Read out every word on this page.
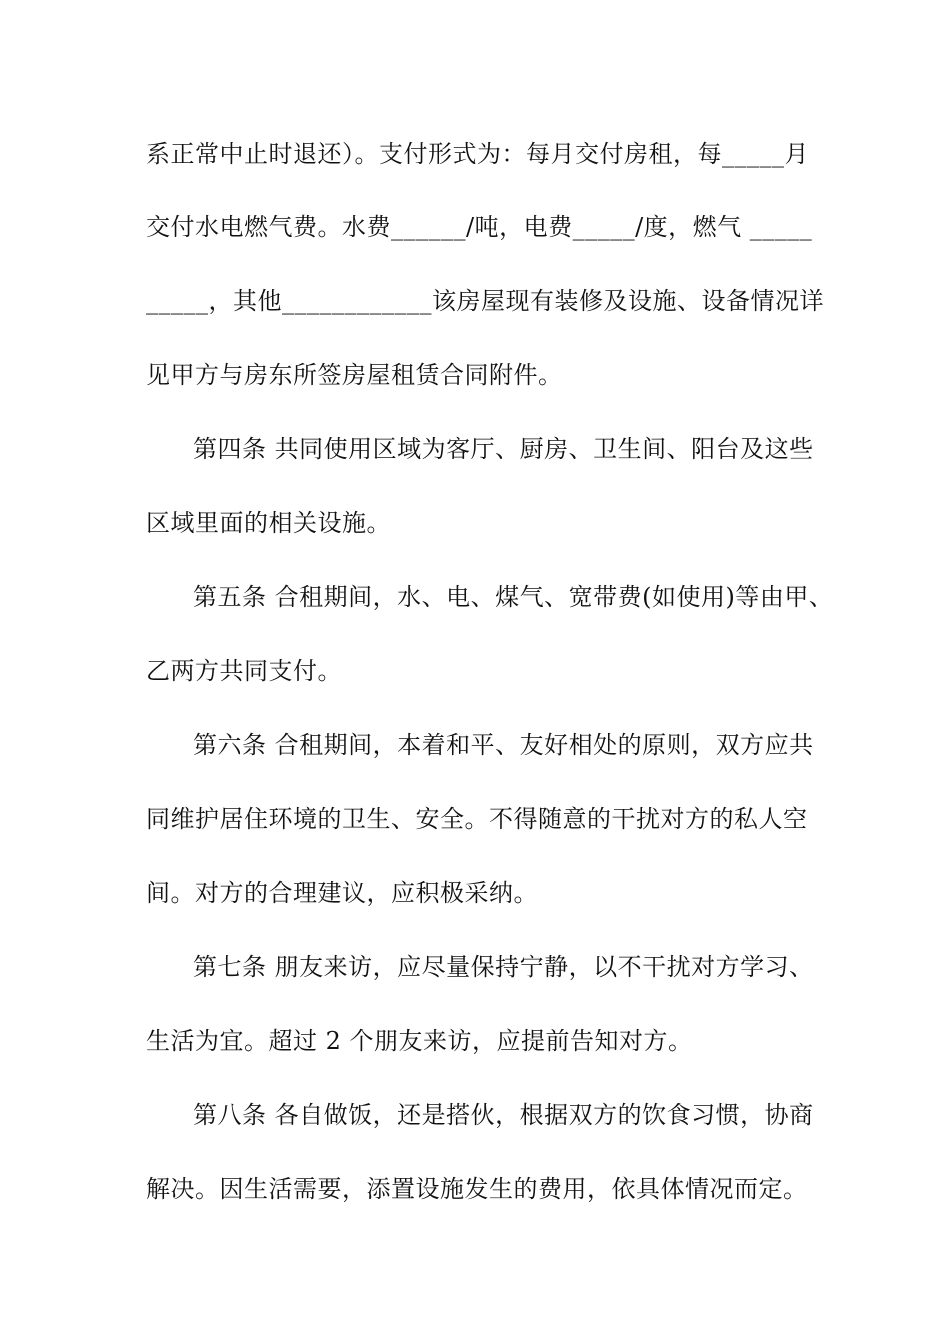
系正常中止时退还）。支付形式为：每月交付房租，每_____月
交付水电燃气费。水费______/吨，电费_____/度，燃气 _____
_____，其他____________该房屋现有装修及设施、设备情况详
见甲方与房东所签房屋租赁合同附件。
第四条 共同使用区域为客厅、厨房、卫生间、阳台及这些
区域里面的相关设施。
第五条 合租期间，水、电、煤气、宽带费(如使用)等由甲、
乙两方共同支付。
第六条 合租期间，本着和平、友好相处的原则，双方应共
同维护居住环境的卫生、安全。不得随意的干扰对方的私人空
间。对方的合理建议，应积极采纳。
第七条 朋友来访，应尽量保持宁静，以不干扰对方学习、
生活为宜。超过 2 个朋友来访，应提前告知对方。
第八条 各自做饭，还是搭伙，根据双方的饮食习惯，协商
解决。因生活需要，添置设施发生的费用，依具体情况而定。
